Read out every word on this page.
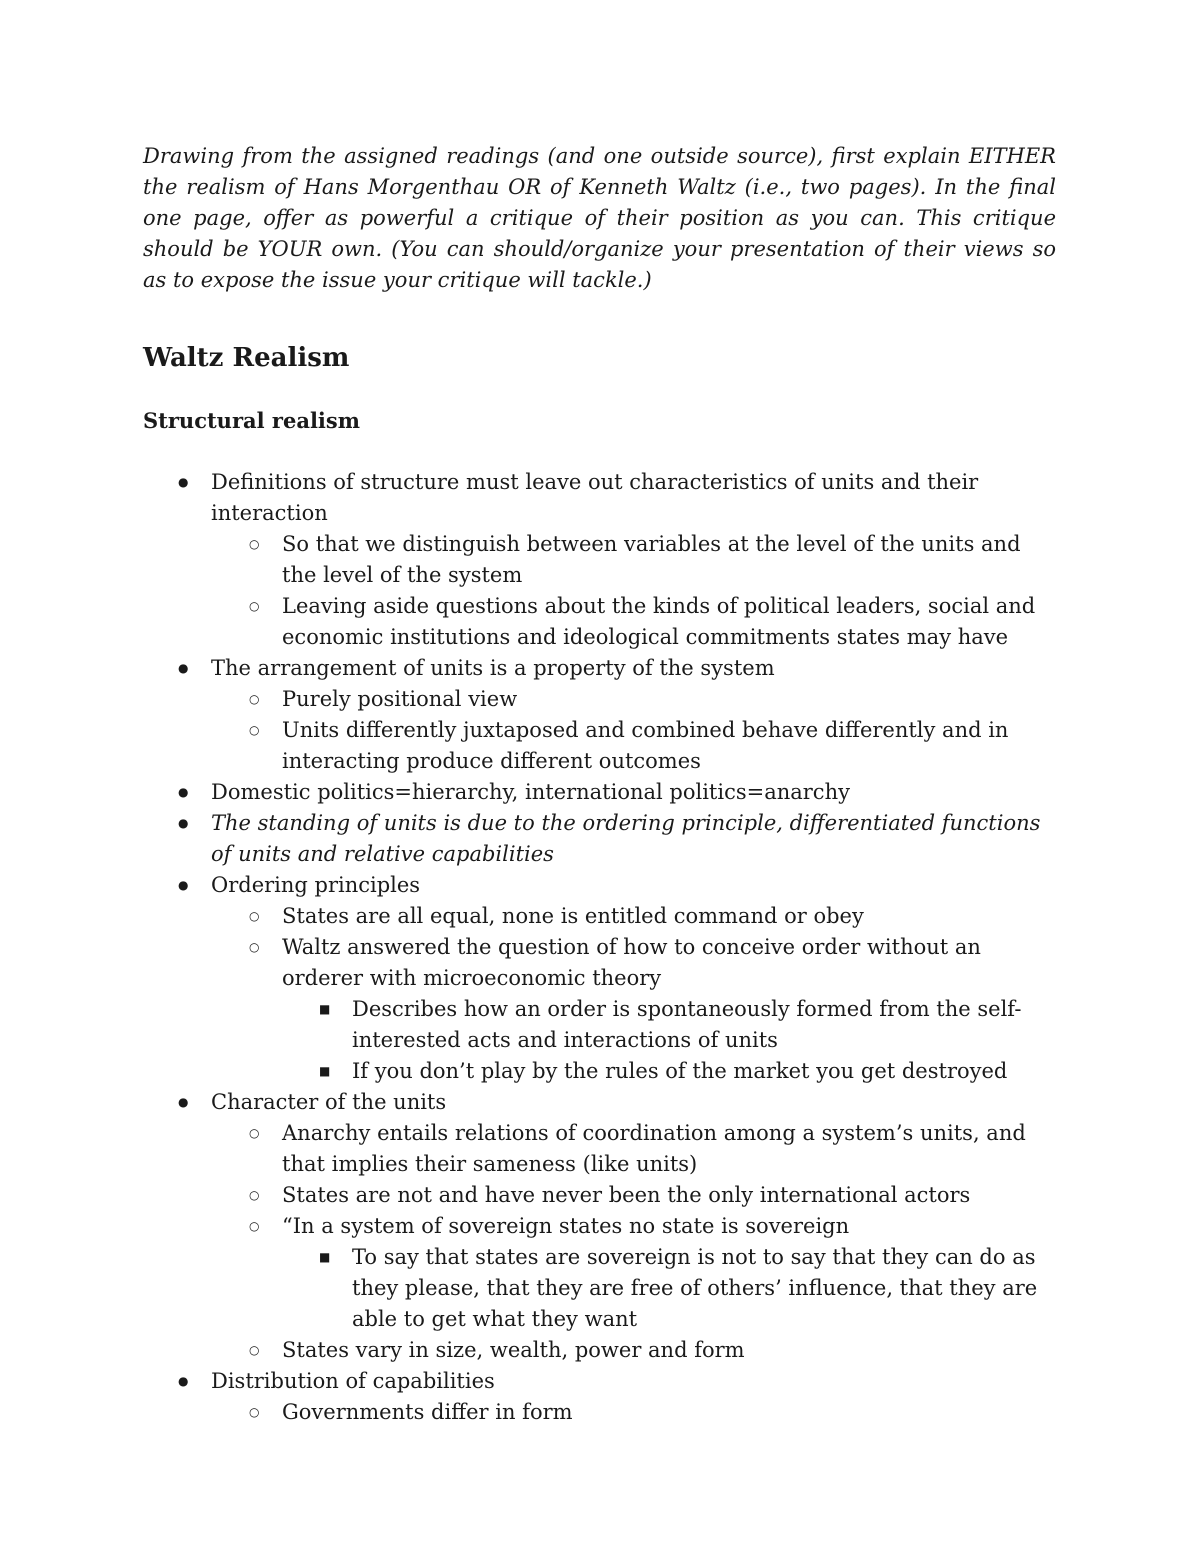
Drawing from the assigned readings (and one outside source), first explain EITHER the realism of Hans Morgenthau OR of Kenneth Waltz (i.e., two pages). In the final one page, offer as powerful a critique of their position as you can. This critique should be YOUR own. (You can should/organize your presentation of their views so as to expose the issue your critique will tackle.)

Waltz Realism
Structural realism
● Definitions of structure must leave out characteristics of units and their interaction
○ So that we distinguish between variables at the level of the units and the level of the system
○ Leaving aside questions about the kinds of political leaders, social and economic institutions and ideological commitments states may have
● The arrangement of units is a property of the system
○ Purely positional view
○ Units differently juxtaposed and combined behave differently and in interacting produce different outcomes
● Domestic politics=hierarchy, international politics=anarchy
● The standing of units is due to the ordering principle, differentiated functions of units and relative capabilities
● Ordering principles
○ States are all equal, none is entitled command or obey
○ Waltz answered the question of how to conceive order without an orderer with microeconomic theory
■ Describes how an order is spontaneously formed from the self-interested acts and interactions of units
■ If you don’t play by the rules of the market you get destroyed
● Character of the units
○ Anarchy entails relations of coordination among a system’s units, and that implies their sameness (like units)
○ States are not and have never been the only international actors
○ “In a system of sovereign states no state is sovereign
■ To say that states are sovereign is not to say that they can do as they please, that they are free of others’ influence, that they are able to get what they want
○ States vary in size, wealth, power and form
● Distribution of capabilities
○ Governments differ in form
